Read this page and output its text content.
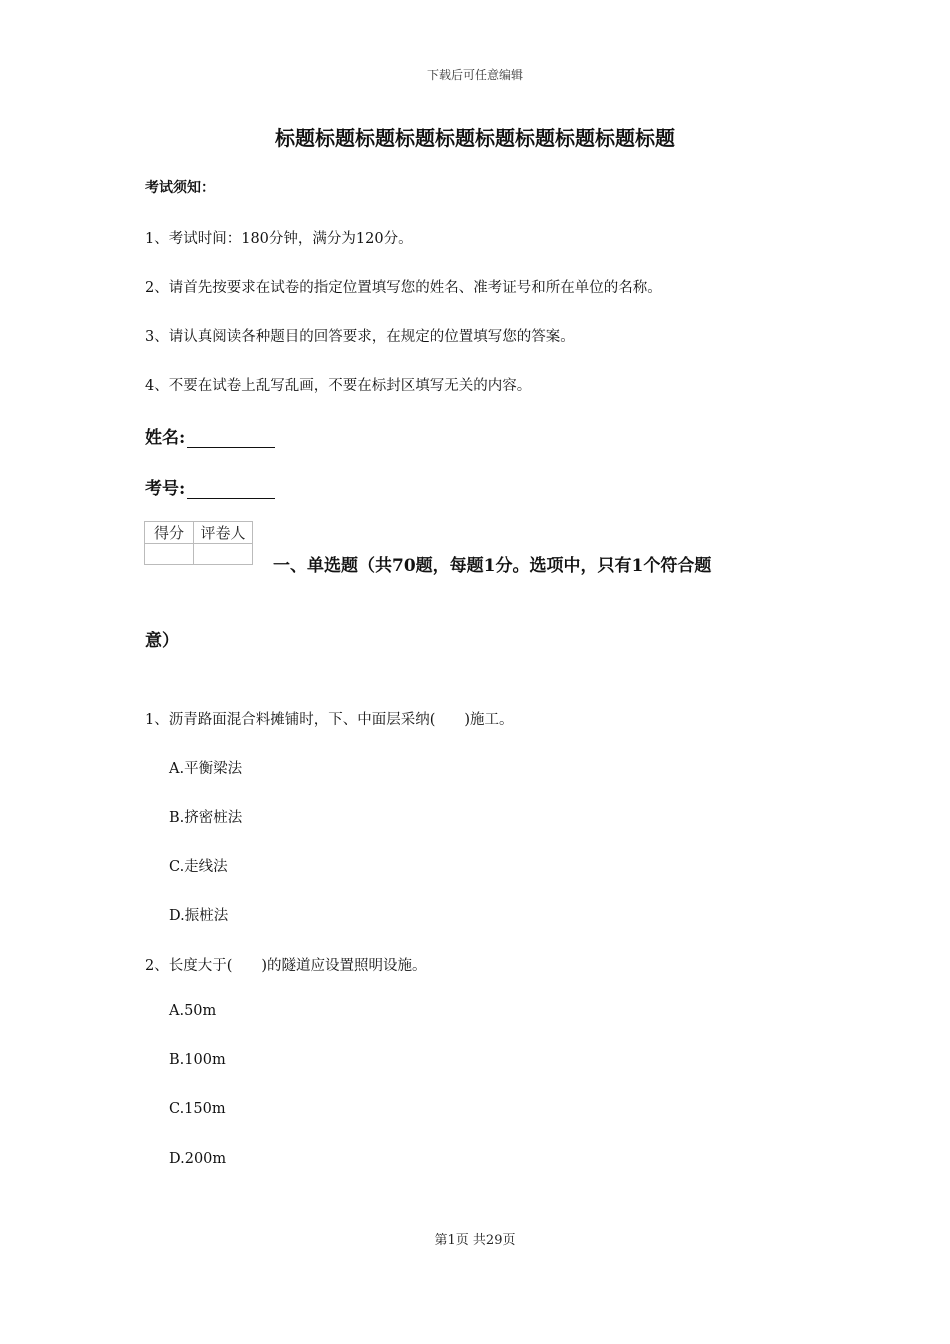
下载后可任意编辑
标题标题标题标题标题标题标题标题标题标题
考试须知：
1、考试时间：180分钟，满分为120分。
2、请首先按要求在试卷的指定位置填写您的姓名、准考证号和所在单位的名称。
3、请认真阅读各种题目的回答要求，在规定的位置填写您的答案。
4、不要在试卷上乱写乱画，不要在标封区填写无关的内容。
姓名:
考号:
得分	评卷人

一、单选题（共70题，每题1分。选项中，只有1个符合题
意）
1、沥青路面混合料摊铺时，下、中面层采纳(　　)施工。
A.平衡梁法
B.挤密桩法
C.走线法
D.振桩法
2、长度大于(　　)的隧道应设置照明设施。
A.50m
B.100m
C.150m
D.200m
第1页 共29页
